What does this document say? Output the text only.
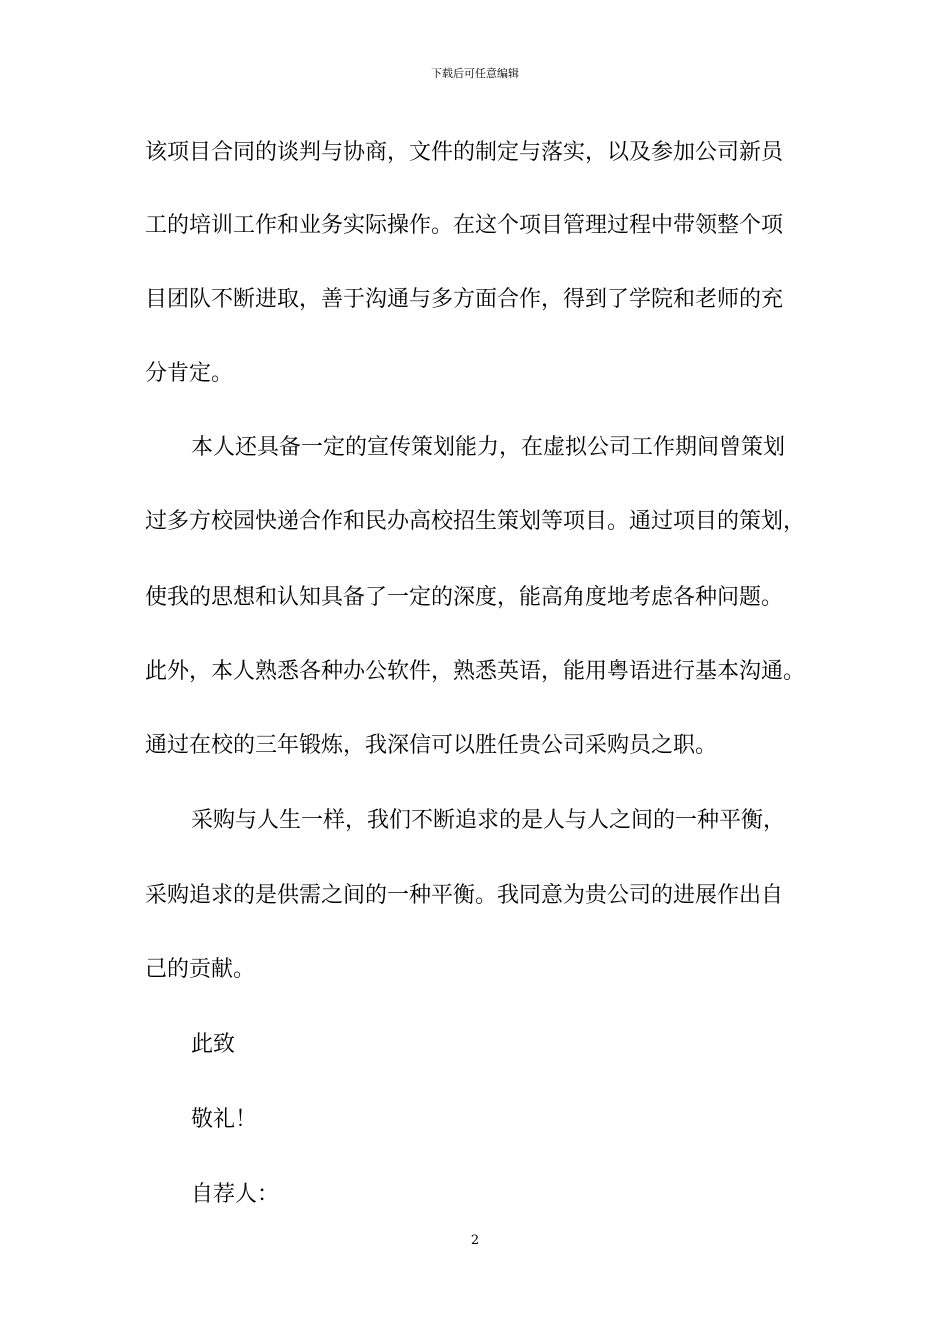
下载后可任意编辑
该项目合同的谈判与协商，文件的制定与落实，以及参加公司新员
工的培训工作和业务实际操作。在这个项目管理过程中带领整个项
目团队不断进取，善于沟通与多方面合作，得到了学院和老师的充
分肯定。
本人还具备一定的宣传策划能力，在虚拟公司工作期间曾策划
过多方校园快递合作和民办高校招生策划等项目。通过项目的策划，
使我的思想和认知具备了一定的深度，能高角度地考虑各种问题。
此外，本人熟悉各种办公软件，熟悉英语，能用粤语进行基本沟通。
通过在校的三年锻炼，我深信可以胜任贵公司采购员之职。
采购与人生一样，我们不断追求的是人与人之间的一种平衡，
采购追求的是供需之间的一种平衡。我同意为贵公司的进展作出自
己的贡献。
此致
敬礼！
自荐人：
2
